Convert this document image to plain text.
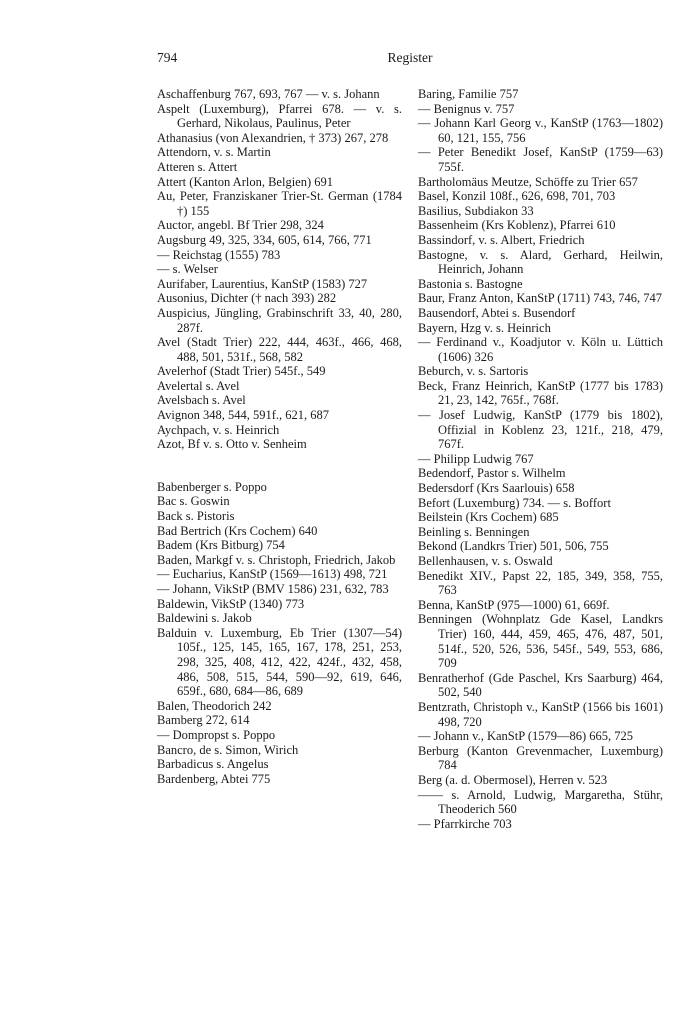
794	Register

Aschaffenburg 767, 693, 767 — v. s. Johann

Aspelt (Luxemburg), Pfarrei 678. — v. s. Gerhard, Nikolaus, Paulinus, Peter

Athanasius (von Alexandrien, † 373) 267, 278

Attendorn, v. s. Martin

Atteren s. Attert

Attert (Kanton Arlon, Belgien) 691

Au, Peter, Franziskaner Trier-St. German (1784 †) 155

Auctor, angebl. Bf Trier 298, 324

Augsburg 49, 325, 334, 605, 614, 766, 771

— Reichstag (1555) 783

— s. Welser

Aurifaber, Laurentius, KanStP (1583) 727

Ausonius, Dichter († nach 393) 282

Auspicius, Jüngling, Grabinschrift 33, 40, 280, 287f.

Avel (Stadt Trier) 222, 444, 463f., 466, 468, 488, 501, 531f., 568, 582

Avelerhof (Stadt Trier) 545f., 549

Avelertal s. Avel

Avelsbach s. Avel

Avignon 348, 544, 591f., 621, 687

Aychpach, v. s. Heinrich

Azot, Bf v. s. Otto v. Senheim

Babenberger s. Poppo

Bac s. Goswin

Back s. Pistoris

Bad Bertrich (Krs Cochem) 640

Badem (Krs Bitburg) 754

Baden, Markgf v. s. Christoph, Friedrich, Jakob

— Eucharius, KanStP (1569—1613) 498, 721

— Johann, VikStP (BMV 1586) 231, 632, 783

Baldewin, VikStP (1340) 773

Baldewini s. Jakob

Balduin v. Luxemburg, Eb Trier (1307—54) 105f., 125, 145, 165, 167, 178, 251, 253, 298, 325, 408, 412, 422, 424f., 432, 458, 486, 508, 515, 544, 590—92, 619, 646, 659f., 680, 684—86, 689

Balen, Theodorich 242

Bamberg 272, 614

— Dompropst s. Poppo

Bancro, de s. Simon, Wirich

Barbadicus s. Angelus

Bardenberg, Abtei 775

Baring, Familie 757

— Benignus v. 757

— Johann Karl Georg v., KanStP (1763—1802) 60, 121, 155, 756

— Peter Benedikt Josef, KanStP (1759—63) 755f.

Bartholomäus Meutze, Schöffe zu Trier 657

Basel, Konzil 108f., 626, 698, 701, 703

Basilius, Subdiakon 33

Bassenheim (Krs Koblenz), Pfarrei 610

Bassindorf, v. s. Albert, Friedrich

Bastogne, v. s. Alard, Gerhard, Heilwin, Heinrich, Johann

Bastonia s. Bastogne

Baur, Franz Anton, KanStP (1711) 743, 746, 747

Bausendorf, Abtei s. Busendorf

Bayern, Hzg v. s. Heinrich

— Ferdinand v., Koadjutor v. Köln u. Lüttich (1606) 326

Beburch, v. s. Sartoris

Beck, Franz Heinrich, KanStP (1777 bis 1783) 21, 23, 142, 765f., 768f.

— Josef Ludwig, KanStP (1779 bis 1802), Offizial in Koblenz 23, 121f., 218, 479, 767f.

— Philipp Ludwig 767

Bedendorf, Pastor s. Wilhelm

Bedersdorf (Krs Saarlouis) 658

Befort (Luxemburg) 734. — s. Boffort

Beilstein (Krs Cochem) 685

Beinling s. Benningen

Bekond (Landkrs Trier) 501, 506, 755

Bellenhausen, v. s. Oswald

Benedikt XIV., Papst 22, 185, 349, 358, 755, 763

Benna, KanStP (975—1000) 61, 669f.

Benningen (Wohnplatz Gde Kasel, Landkrs Trier) 160, 444, 459, 465, 476, 487, 501, 514f., 520, 526, 536, 545f., 549, 553, 686, 709

Benratherhof (Gde Paschel, Krs Saarburg) 464, 502, 540

Bentzrath, Christoph v., KanStP (1566 bis 1601) 498, 720

— Johann v., KanStP (1579—86) 665, 725

Berburg (Kanton Grevenmacher, Luxemburg) 784

Berg (a. d. Obermosel), Herren v. 523

—— s. Arnold, Ludwig, Margaretha, Stühr, Theoderich 560

— Pfarrkirche 703
